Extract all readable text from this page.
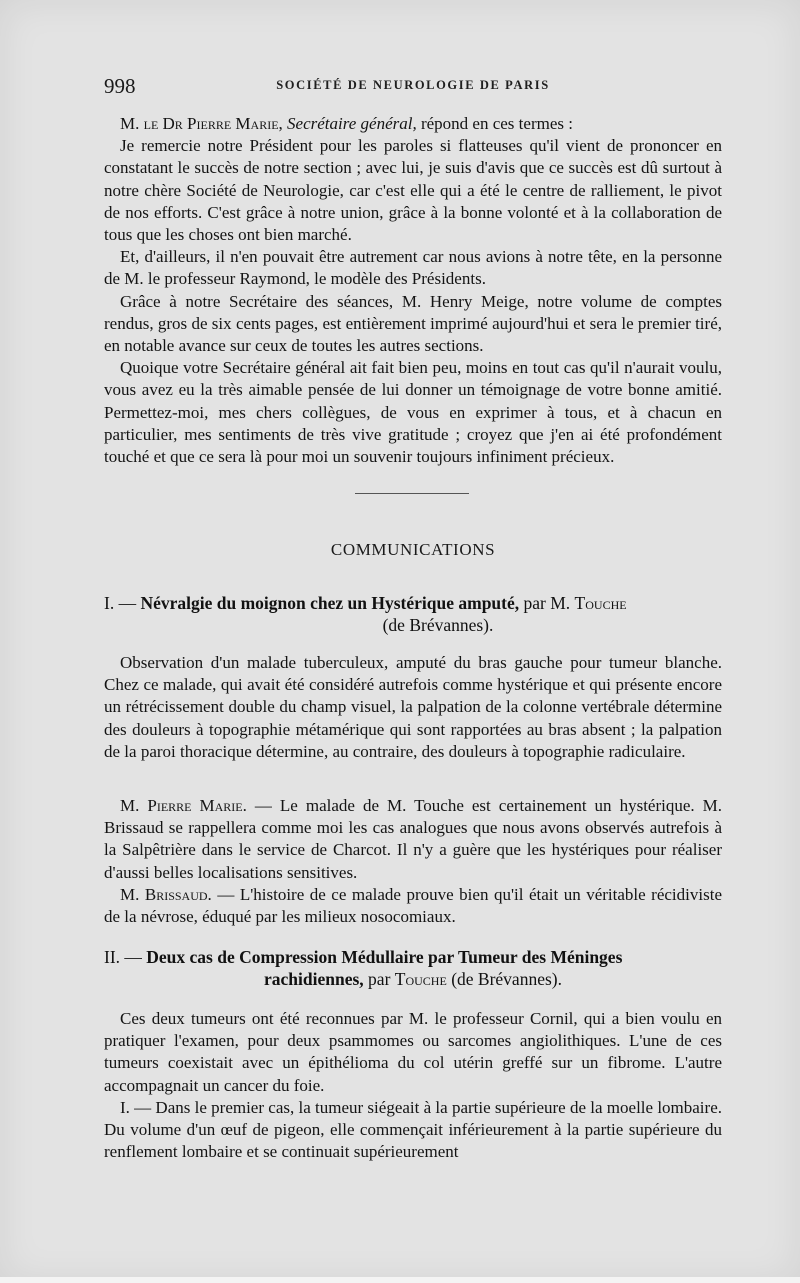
998	SOCIÉTÉ DE NEUROLOGIE DE PARIS

M. le Dr Pierre Marie, Secrétaire général, répond en ces termes :

Je remercie notre Président pour les paroles si flatteuses qu'il vient de prononcer en constatant le succès de notre section ; avec lui, je suis d'avis que ce succès est dû surtout à notre chère Société de Neurologie, car c'est elle qui a été le centre de ralliement, le pivot de nos efforts. C'est grâce à notre union, grâce à la bonne volonté et à la collaboration de tous que les choses ont bien marché.

Et, d'ailleurs, il n'en pouvait être autrement car nous avions à notre tête, en la personne de M. le professeur Raymond, le modèle des Présidents.

Grâce à notre Secrétaire des séances, M. Henry Meige, notre volume de comptes rendus, gros de six cents pages, est entièrement imprimé aujourd'hui et sera le premier tiré, en notable avance sur ceux de toutes les autres sections.

Quoique votre Secrétaire général ait fait bien peu, moins en tout cas qu'il n'aurait voulu, vous avez eu la très aimable pensée de lui donner un témoignage de votre bonne amitié. Permettez-moi, mes chers collègues, de vous en exprimer à tous, et à chacun en particulier, mes sentiments de très vive gratitude ; croyez que j'en ai été profondément touché et que ce sera là pour moi un souvenir toujours infiniment précieux.

COMMUNICATIONS
I. — Névralgie du moignon chez un Hystérique amputé, par M. Touche
(de Brévannes).

Observation d'un malade tuberculeux, amputé du bras gauche pour tumeur blanche. Chez ce malade, qui avait été considéré autrefois comme hystérique et qui présente encore un rétrécissement double du champ visuel, la palpation de la colonne vertébrale détermine des douleurs à topographie métamérique qui sont rapportées au bras absent ; la palpation de la paroi thoracique détermine, au contraire, des douleurs à topographie radiculaire.

M. Pierre Marie. — Le malade de M. Touche est certainement un hystérique. M. Brissaud se rappellera comme moi les cas analogues que nous avons observés autrefois à la Salpêtrière dans le service de Charcot. Il n'y a guère que les hystériques pour réaliser d'aussi belles localisations sensitives.

M. Brissaud. — L'histoire de ce malade prouve bien qu'il était un véritable récidiviste de la névrose, éduqué par les milieux nosocomiaux.

II. — Deux cas de Compression Médullaire par Tumeur des Méninges
rachidiennes, par Touche (de Brévannes).

Ces deux tumeurs ont été reconnues par M. le professeur Cornil, qui a bien voulu en pratiquer l'examen, pour deux psammomes ou sarcomes angiolithiques. L'une de ces tumeurs coexistait avec un épithélioma du col utérin greffé sur un fibrome. L'autre accompagnait un cancer du foie.

I. — Dans le premier cas, la tumeur siégeait à la partie supérieure de la moelle lombaire. Du volume d'un œuf de pigeon, elle commençait inférieurement à la partie supérieure du renflement lombaire et se continuait supérieurement
